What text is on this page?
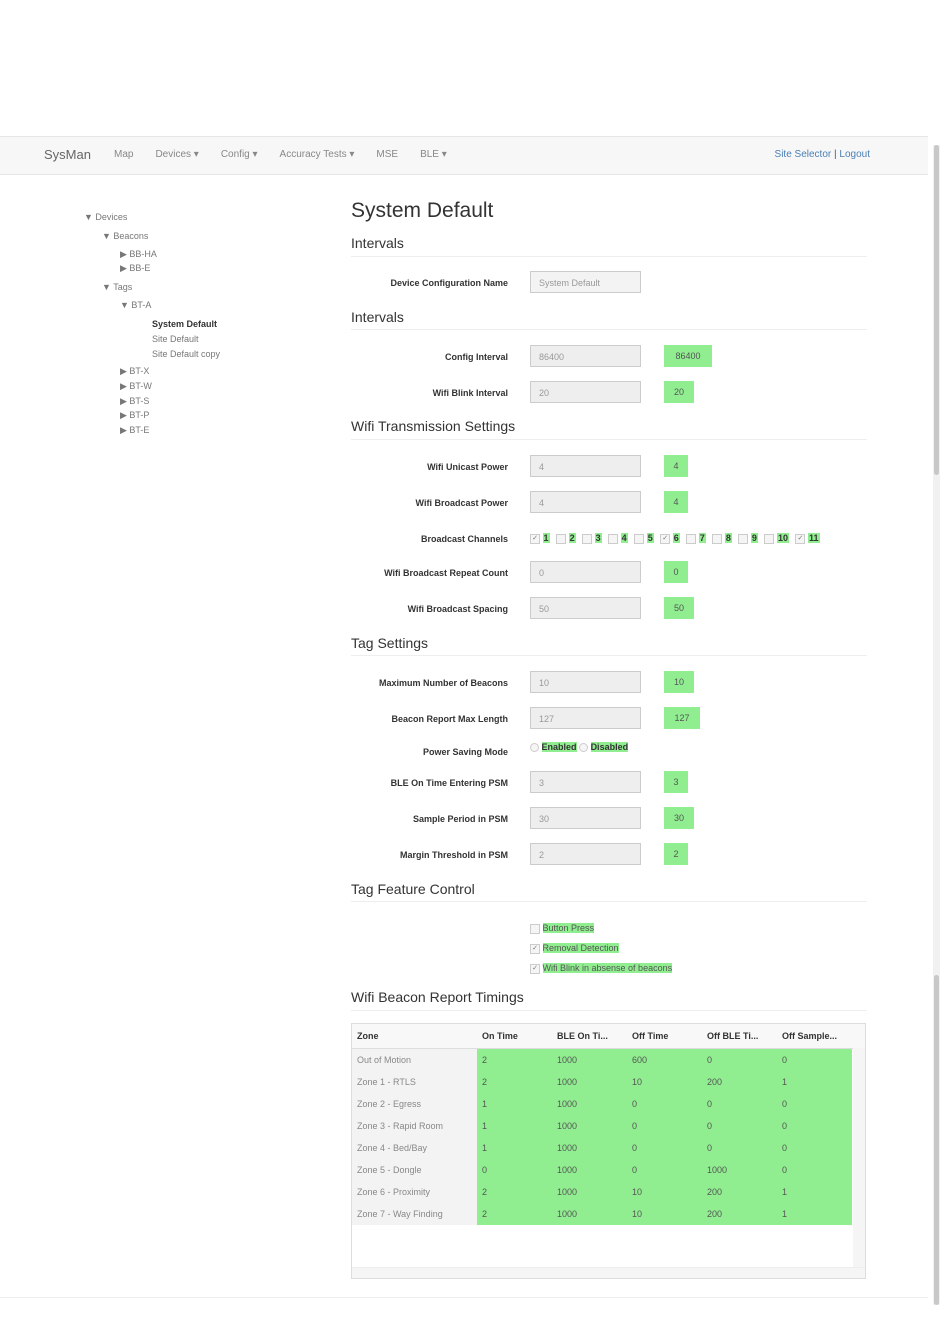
SysMan Map Devices ▾ Config ▾ Accuracy Tests ▾ MSE BLE ▾	Site Selector | Logout
▼ Devices
▼ Beacons
▶ BB-HA
▶ BB-E
▼ Tags
▼ BT-A
System Default
Site Default
Site Default copy
▶ BT-X
▶ BT-W
▶ BT-S
▶ BT-P
▶ BT-E
System Default
Intervals
Device Configuration Name	System Default
Intervals
Config Interval	86400	86400
Wifi Blink Interval	20	20
Wifi Transmission Settings
Wifi Unicast Power	4	4
Wifi Broadcast Power	4	4
Broadcast Channels	✓ 1 2 3 4 5 ✓ 6 7 8 9 10 ✓ 11
Wifi Broadcast Repeat Count	0	0
Wifi Broadcast Spacing	50	50
Tag Settings
Maximum Number of Beacons	10	10
Beacon Report Max Length	127	127
Power Saving Mode	Enabled Disabled
BLE On Time Entering PSM	3	3
Sample Period in PSM	30	30
Margin Threshold in PSM	2	2
Tag Feature Control
Button Press
✓ Removal Detection
✓ Wifi Blink in absense of beacons
Wifi Beacon Report Timings
Zone	On Time	BLE On Ti...	Off Time	Off BLE Ti...	Off Sample...
Out of Motion	2	1000	600	0	0
Zone 1 - RTLS	2	1000	10	200	1
Zone 2 - Egress	1	1000	0	0	0
Zone 3 - Rapid Room	1	1000	0	0	0
Zone 4 - Bed/Bay	1	1000	0	0	0
Zone 5 - Dongle	0	1000	0	1000	0
Zone 6 - Proximity	2	1000	10	200	1
Zone 7 - Way Finding	2	1000	10	200	1
